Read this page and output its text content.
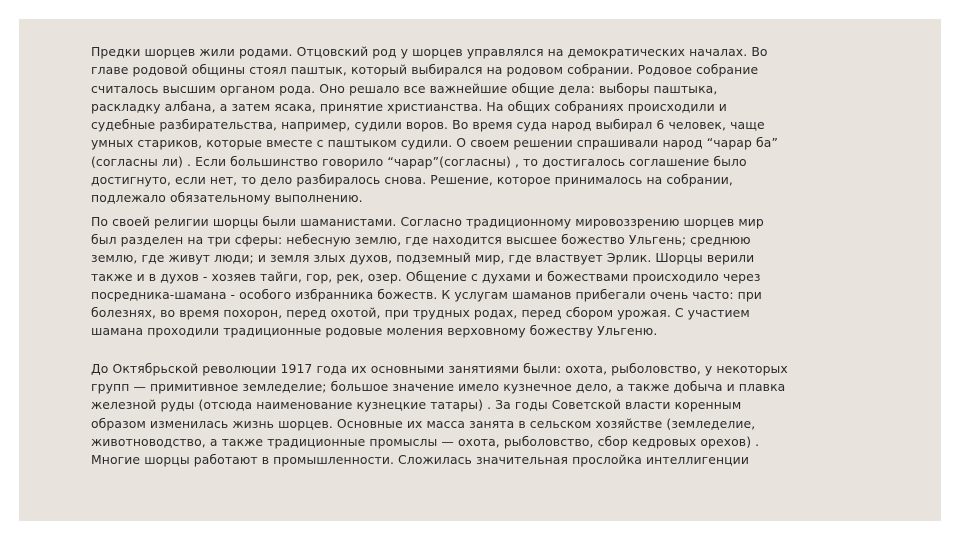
Предки шорцев жили родами. Отцовский род у шорцев управлялся на демократических началах. Во
главе родовой общины стоял паштык, который выбирался на родовом собрании. Родовое собрание
считалось высшим органом рода. Оно решало все важнейшие общие дела: выборы паштыка,
раскладку албана, а затем ясака, принятие христианства. На общих собраниях происходили и
судебные разбирательства, например, судили воров. Во время суда народ выбирал 6 человек, чаще
умных стариков, которые вместе с паштыком судили. О своем решении спрашивали народ “чарар ба”
(согласны ли) . Если большинство говорило “чарар”(согласны) , то достигалось соглашение было
достигнуто, если нет, то дело разбиралось снова. Решение, которое принималось на собрании,
подлежало обязательному выполнению.

По своей религии шорцы были шаманистами. Согласно традиционному мировоззрению шорцев мир
был разделен на три сферы: небесную землю, где находится высшее божество Ульгень; среднюю
землю, где живут люди; и земля злых духов, подземный мир, где властвует Эрлик. Шорцы верили
также и в духов - хозяев тайги, гор, рек, озер. Общение с духами и божествами происходило через
посредника-шамана - особого избранника божеств. К услугам шаманов прибегали очень часто: при
болезнях, во время похорон, перед охотой, при трудных родах, перед сбором урожая. С участием
шамана проходили традиционные родовые моления верховному божеству Ульгеню.

До Октябрьской революции 1917 года их основными занятиями были: охота, рыболовство, у некоторых
групп — примитивное земледелие; большое значение имело кузнечное дело, а также добыча и плавка
железной руды (отсюда наименование кузнецкие татары) . За годы Советской власти коренным
образом изменилась жизнь шорцев. Основные их масса занята в сельском хозяйстве (земледелие,
животноводство, а также традиционные промыслы — охота, рыболовство, сбор кедровых орехов) .
Многие шорцы работают в промышленности. Сложилась значительная прослойка интеллигенции
